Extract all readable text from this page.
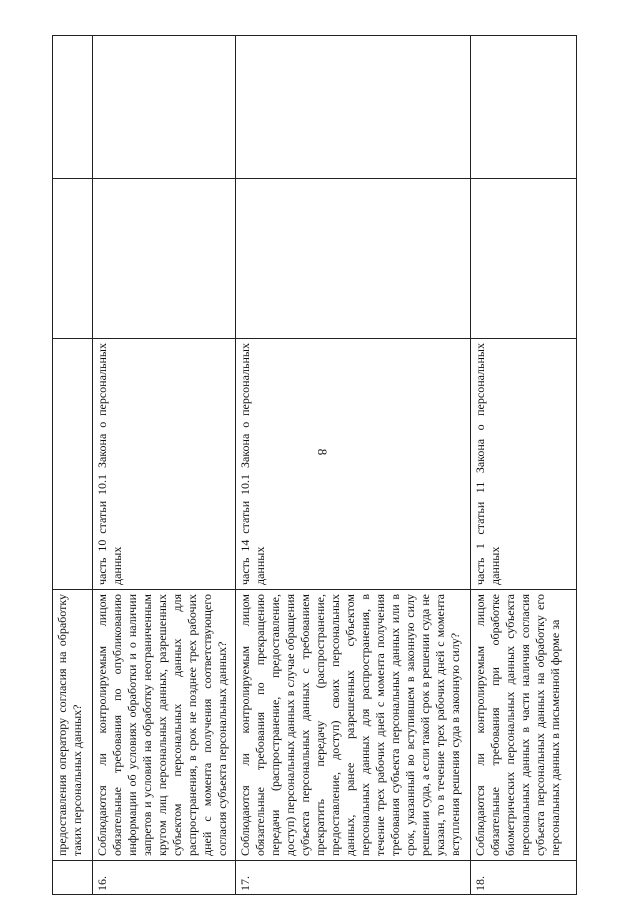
8
	предоставления оператору согласия на обработку таких персональных данных?			
16.	Соблюдаются ли контролируемым лицом обязательные требования по опубликованию информации об условиях обработки и о наличии запретов и условий на обработку неограниченным кругом лиц персональных данных, разрешенных субъектом персональных данных для распространения, в срок не позднее трех рабочих дней с момента получения соответствующего согласия субъекта персональных данных?	часть 10 статьи 10.1 Закона о персональных данных		
17.	Соблюдаются ли контролируемым лицом обязательные требования по прекращению передачи (распространение, предоставление, доступ) персональных данных в случае обращения субъекта персональных данных с требованием прекратить передачу (распространение, предоставление, доступ) своих персональных данных, ранее разрешенных субъектом персональных данных для распространения, в течение трех рабочих дней с момента получения требования субъекта персональных данных или в срок, указанный во вступившем в законную силу решении суда, а если такой срок в решении суда не указан, то в течение трех рабочих дней с момента вступления решения суда в законную силу?	часть 14 статьи 10.1 Закона о персональных данных		
18.	Соблюдаются ли контролируемым лицом обязательные требования при обработке биометрических персональных данных субъекта персональных данных в части наличия согласия субъекта персональных данных на обработку его персональных данных в письменной форме за	часть 1 статьи 11 Закона о персональных данных		
